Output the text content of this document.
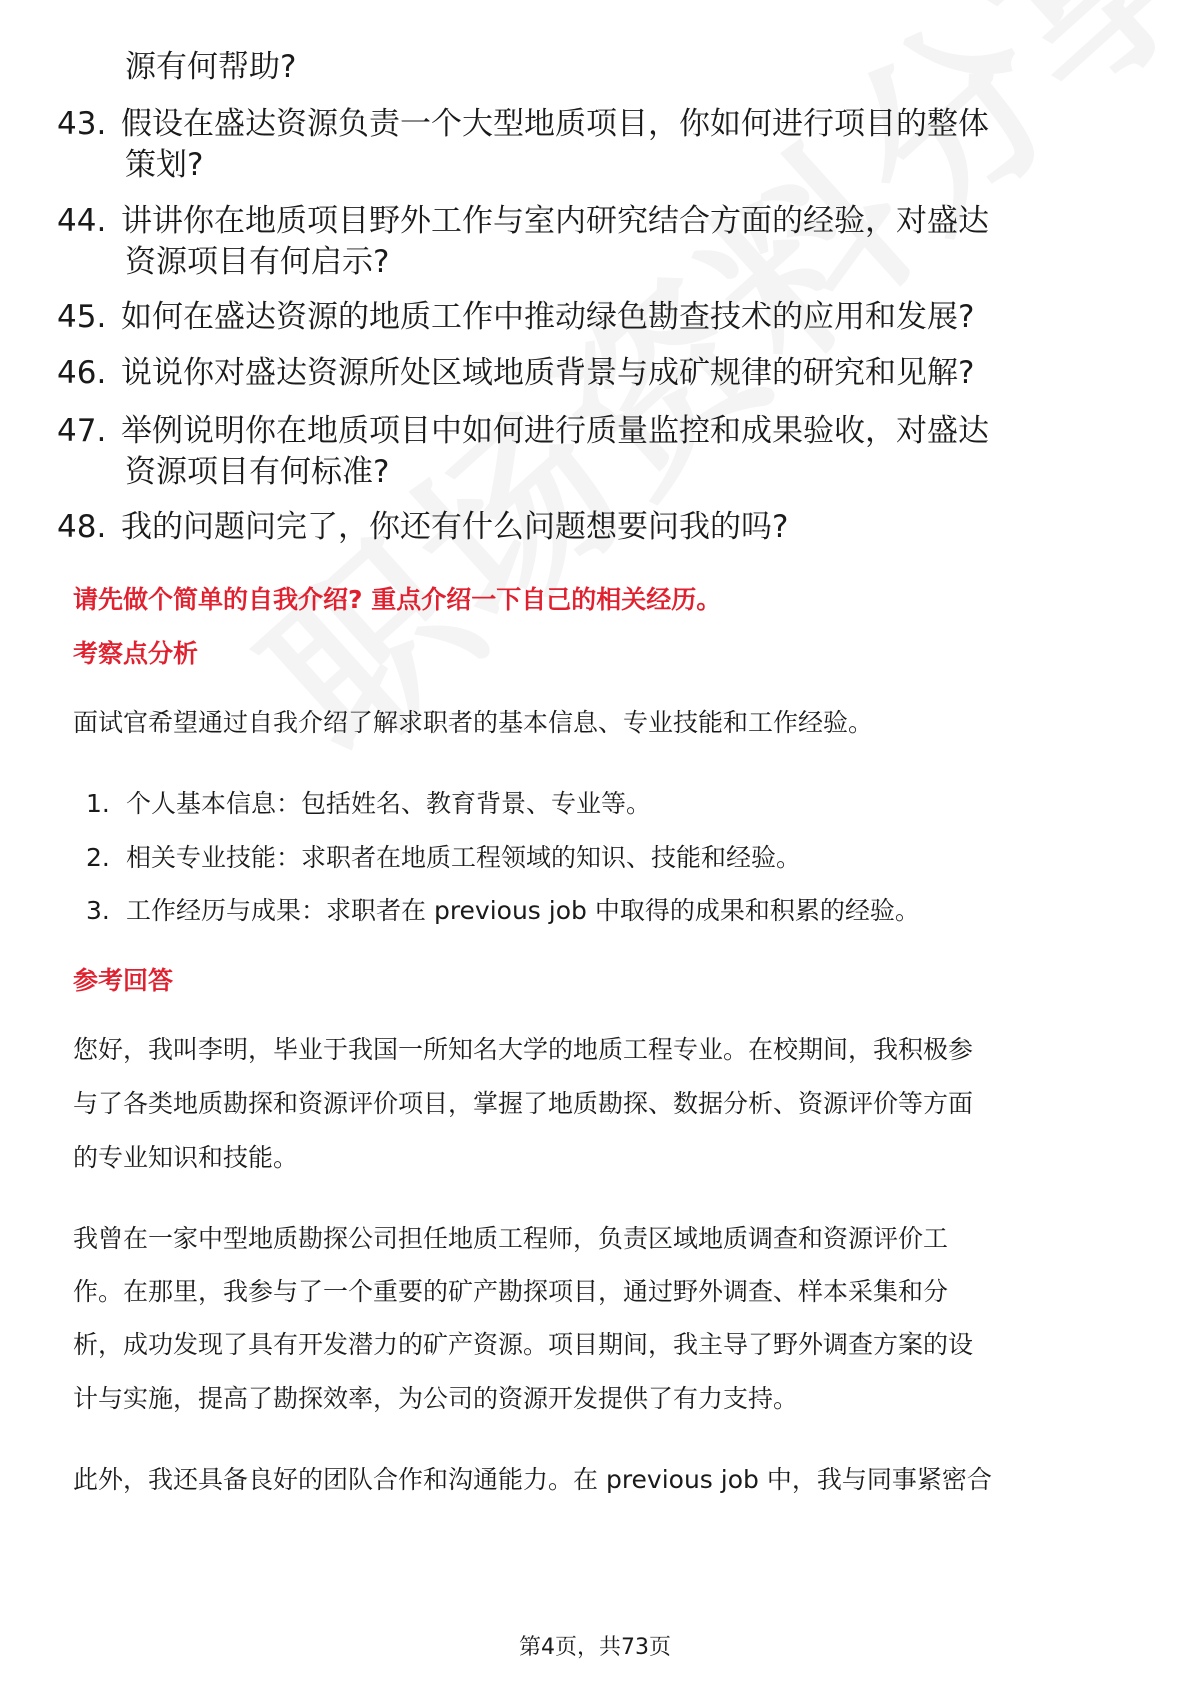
源有何帮助?
43. 假设在盛达资源负责一个大型地质项目，你如何进行项目的整体
策划?
44. 讲讲你在地质项目野外工作与室内研究结合方面的经验，对盛达
资源项目有何启示?
45. 如何在盛达资源的地质工作中推动绿色勘查技术的应用和发展?
46. 说说你对盛达资源所处区域地质背景与成矿规律的研究和见解?
47. 举例说明你在地质项目中如何进行质量监控和成果验收，对盛达
资源项目有何标准?
48. 我的问题问完了，你还有什么问题想要问我的吗?
请先做个简单的自我介绍? 重点介绍一下自己的相关经历。
考察点分析
面试官希望通过自我介绍了解求职者的基本信息、专业技能和工作经验。
1. 个人基本信息：包括姓名、教育背景、专业等。
2. 相关专业技能：求职者在地质工程领域的知识、技能和经验。
3. 工作经历与成果：求职者在 previous job 中取得的成果和积累的经验。
参考回答
您好，我叫李明，毕业于我国一所知名大学的地质工程专业。在校期间，我积极参
与了各类地质勘探和资源评价项目，掌握了地质勘探、数据分析、资源评价等方面
的专业知识和技能。
我曾在一家中型地质勘探公司担任地质工程师，负责区域地质调查和资源评价工
作。在那里，我参与了一个重要的矿产勘探项目，通过野外调查、样本采集和分
析，成功发现了具有开发潜力的矿产资源。项目期间，我主导了野外调查方案的设
计与实施，提高了勘探效率，为公司的资源开发提供了有力支持。
此外，我还具备良好的团队合作和沟通能力。在 previous job 中，我与同事紧密合
第4页，共73页
